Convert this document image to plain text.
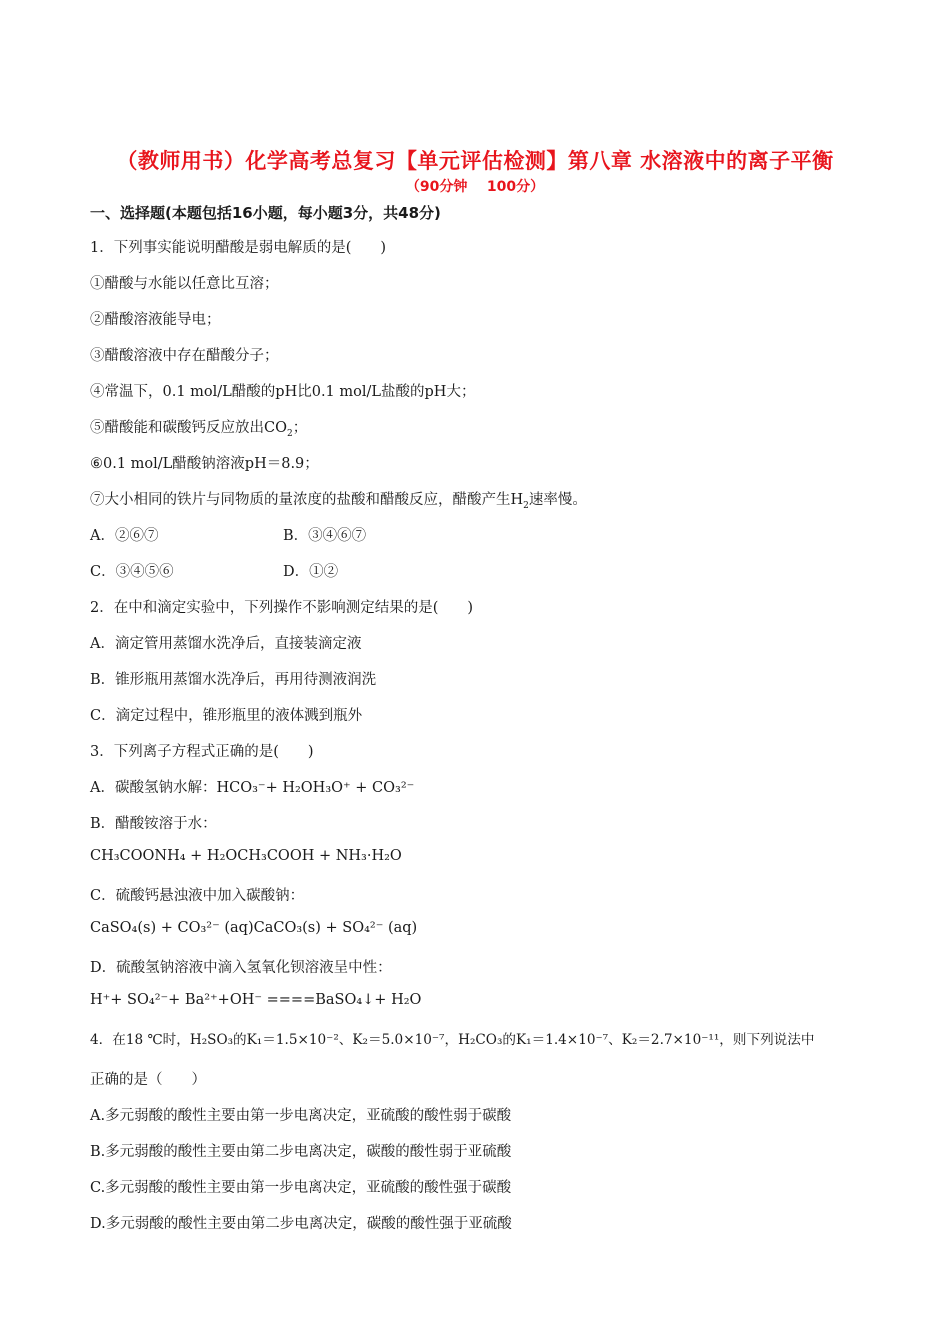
（教师用书）化学高考总复习【单元评估检测】第八章 水溶液中的离子平衡
（90分钟    100分）
一、选择题(本题包括16小题，每小题3分，共48分)
1．下列事实能说明醋酸是弱电解质的是(　　)
①醋酸与水能以任意比互溶；
②醋酸溶液能导电；
③醋酸溶液中存在醋酸分子；
④常温下，0.1 mol/L醋酸的pH比0.1 mol/L盐酸的pH大；
⑤醋酸能和碳酸钙反应放出$CO_2$；
⑥0.1 mol/L醋酸钠溶液pH＝8.9；
⑦大小相同的铁片与同物质的量浓度的盐酸和醋酸反应，醋酸产生$H_2$速率慢。
A．②⑥⑦	B．③④⑥⑦
C．③④⑤⑥	D．①②
2．在中和滴定实验中，下列操作不影响测定结果的是(　　)
A．滴定管用蒸馏水洗净后，直接装滴定液
B．锥形瓶用蒸馏水洗净后，再用待测液润洗
C．滴定过程中，锥形瓶里的液体溅到瓶外
3．下列离子方程式正确的是(　　)
A．碳酸氢钠水解：HCO₃⁻+ H₂OH₃O⁺ + CO₃²⁻
B．醋酸铵溶于水：
CH₃COONH₄ + H₂OCH₃COOH + NH₃·H₂O
C．硫酸钙悬浊液中加入碳酸钠：
CaSO₄(s) + CO₃²⁻ (aq)CaCO₃(s) + SO₄²⁻ (aq)
D．硫酸氢钠溶液中滴入氢氧化钡溶液呈中性：
H⁺+ SO₄²⁻+ Ba²⁺+OH⁻ ====BaSO₄↓+ H₂O
4．在18 ℃时，H₂SO₃的K₁＝1.5×10⁻²、K₂＝5.0×10⁻⁷，H₂CO₃的K₁＝1.4×10⁻⁷、K₂＝2.7×10⁻¹¹，则下列说法中
正确的是（　　）
A.多元弱酸的酸性主要由第一步电离决定，亚硫酸的酸性弱于碳酸
B.多元弱酸的酸性主要由第二步电离决定，碳酸的酸性弱于亚硫酸
C.多元弱酸的酸性主要由第一步电离决定，亚硫酸的酸性强于碳酸
D.多元弱酸的酸性主要由第二步电离决定，碳酸的酸性强于亚硫酸
